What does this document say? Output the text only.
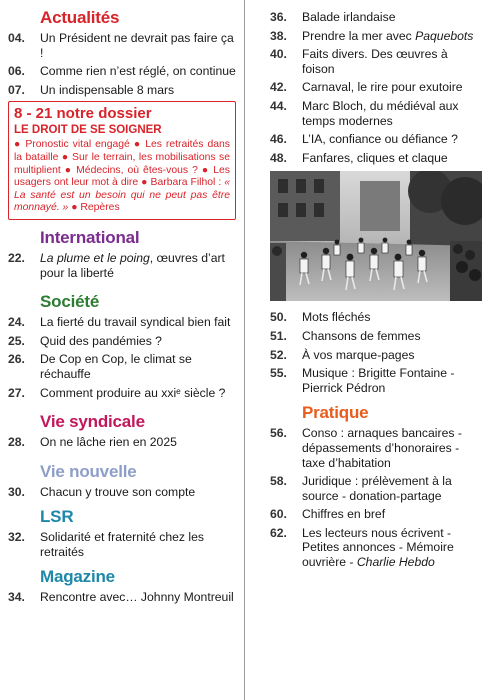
Actualités
04.	Un Président ne devrait pas faire ça !
06.	Comme rien n’est réglé, on continue
07.	Un indispensable 8 mars
8 - 21 notre dossier
LE DROIT DE SE SOIGNER
● Pronostic vital engagé ● Les retraités dans la bataille ● Sur le terrain, les mobilisations se multiplient ● Médecins, où êtes-vous ? ● Les usagers ont leur mot à dire ● Barbara Filhol : « La santé est un besoin qui ne peut pas être monnayé. » ● Repères
International
22.	La plume et le poing, œuvres d’art pour la liberté
Société
24.	La fierté du travail syndical bien fait
25.	Quid des pandémies ?
26.	De Cop en Cop, le climat se réchauffe
27.	Comment produire au xxiᵉ siècle ?
Vie syndicale
28.	On ne lâche rien en 2025
Vie nouvelle
30.	Chacun y trouve son compte
LSR
32.	Solidarité et fraternité chez les retraités
Magazine
34.	Rencontre avec… Johnny Montreuil
36.	Balade irlandaise
38.	Prendre la mer avec Paquebots
40.	Faits divers. Des œuvres à foison
42.	Carnaval, le rire pour exutoire
44.	Marc Bloch, du médiéval aux temps modernes
46.	L’IA, confiance ou défiance ?
48.	Fanfares, cliques et claque
50.	Mots fléchés
51.	Chansons de femmes
52.	À vos marque-pages
55.	Musique : Brigitte Fontaine - Pierrick Pédron
Pratique
56.	Conso : arnaques bancaires - dépassements d’honoraires - taxe d’habitation
58.	Juridique : prélèvement à la source - donation-partage
60.	Chiffres en bref
62.	Les lecteurs nous écrivent - Petites annonces - Mémoire ouvrière - Charlie Hebdo
